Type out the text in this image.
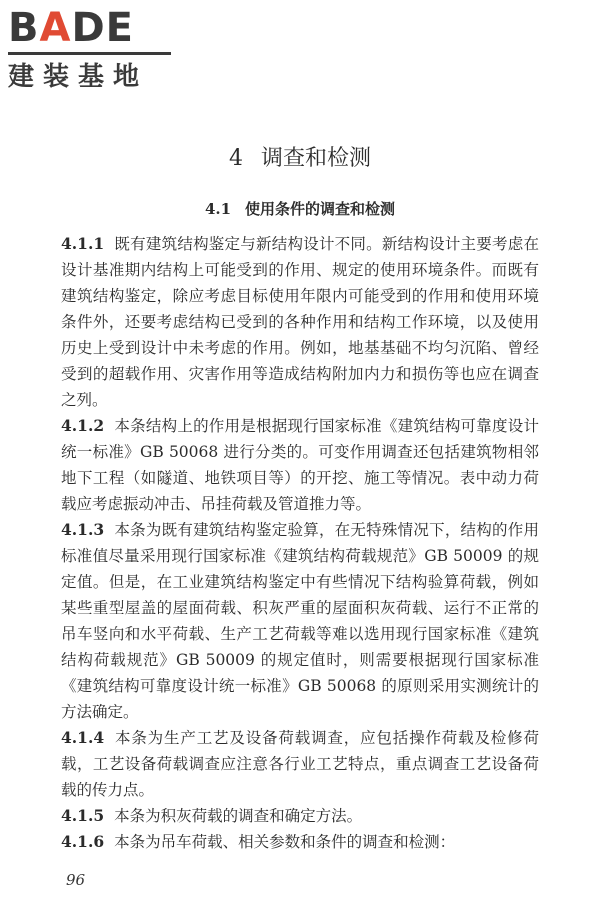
BADE
建装基地
4 调查和检测
4.1 使用条件的调查和检测

4.1.1 既有建筑结构鉴定与新结构设计不同。新结构设计主要考虑在设计基准期内结构上可能受到的作用、规定的使用环境条件。而既有建筑结构鉴定，除应考虑目标使用年限内可能受到的作用和使用环境条件外，还要考虑结构已受到的各种作用和结构工作环境，以及使用历史上受到设计中未考虑的作用。例如，地基基础不均匀沉陷、曾经受到的超载作用、灾害作用等造成结构附加内力和损伤等也应在调查之列。

4.1.2 本条结构上的作用是根据现行国家标准《建筑结构可靠度设计统一标准》GB 50068 进行分类的。可变作用调查还包括建筑物相邻地下工程（如隧道、地铁项目等）的开挖、施工等情况。表中动力荷载应考虑振动冲击、吊挂荷载及管道推力等。

4.1.3 本条为既有建筑结构鉴定验算，在无特殊情况下，结构的作用标准值尽量采用现行国家标准《建筑结构荷载规范》GB 50009 的规定值。但是，在工业建筑结构鉴定中有些情况下结构验算荷载，例如某些重型屋盖的屋面荷载、积灰严重的屋面积灰荷载、运行不正常的吊车竖向和水平荷载、生产工艺荷载等难以选用现行国家标准《建筑结构荷载规范》GB 50009 的规定值时，则需要根据现行国家标准《建筑结构可靠度设计统一标准》GB 50068 的原则采用实测统计的方法确定。

4.1.4 本条为生产工艺及设备荷载调查，应包括操作荷载及检修荷载，工艺设备荷载调查应注意各行业工艺特点，重点调查工艺设备荷载的传力点。

4.1.5 本条为积灰荷载的调查和确定方法。

4.1.6 本条为吊车荷载、相关参数和条件的调查和检测：

96
